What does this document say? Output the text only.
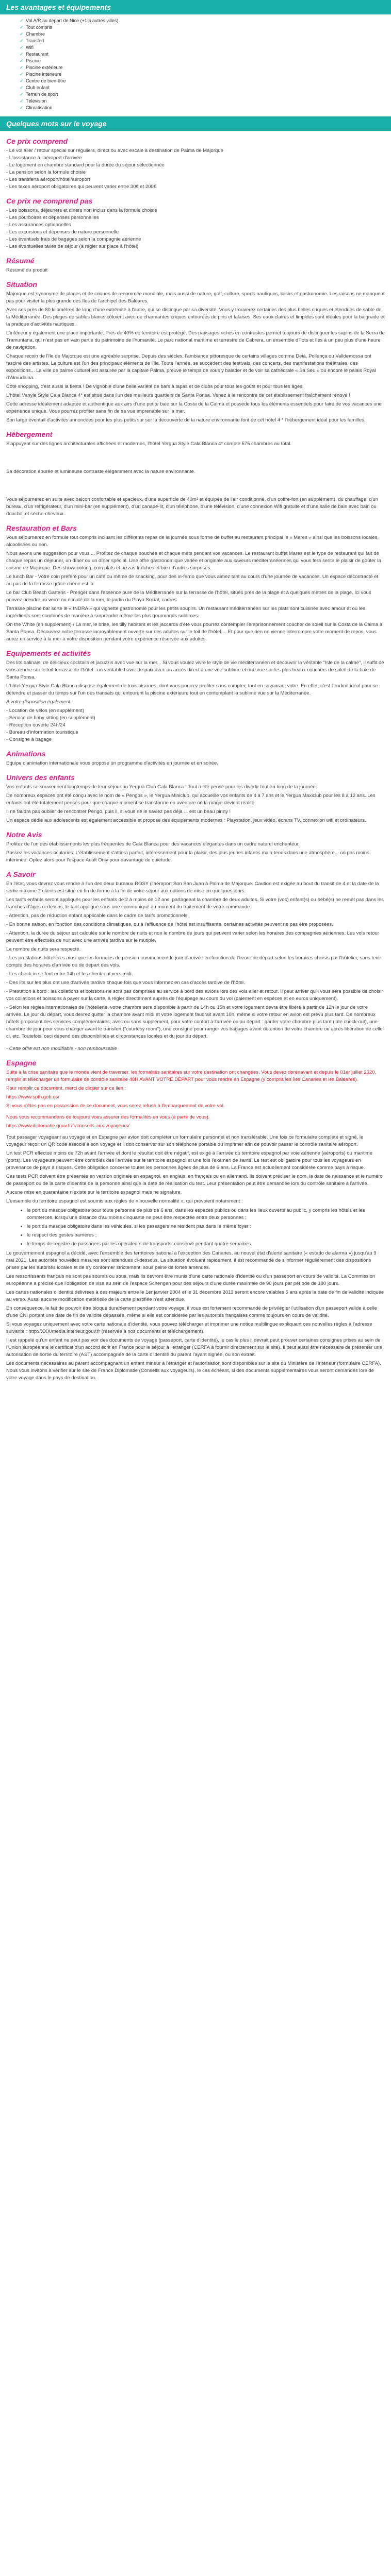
Les avantages et équipements
✓ Vol A/R au départ de Nice (+1,6 autres villes)
✓ Tout compris
✓ Chambre
✓ Transfert
✓ Wifi
✓ Restaurant
✓ Piscine
✓ Piscine extérieure
✓ Piscine intérieure
✓ Centre de bien-être
✓ Club enfant
✓ Terrain de sport
✓ Télévision
✓ Climatisation
Quelques mots sur le voyage
Ce prix comprend
- Le vol aller / retour spécial sur réguliers, direct ou avec escale à destination de Palma de Majorque
- L'assistance à l'aéroport d'arrivée
- Le logement en chambre standard pour la durée du séjour sélectionnée
- La pension selon la formule choisie
- Les transferts aéroport/hôtel/aéroport
- Les taxes aéroport obligatoires qui peuvent varier entre 30€ et 200€
Ce prix ne comprend pas
- Les boissons, déjeuners et diners non inclus dans la formule choisie
- Les pourboires et dépenses personnelles
- Les assurances optionnelles
- Les excursions et dépenses de nature personnelle
- Les éventuels frais de bagages selon la compagnie aérienne
- Les éventuelles taxes de séjour (à régler sur place à l'hôtel)
Résumé

Résumé du produit

Situation

Majorque est synonyme de plages et de criques de renommée mondiale, mais aussi de nature, golf, culture, sports nautiques, loisirs et gastronomie. Les raisons ne manquent pas pour visiter la plus grande des îles de l'archipel des Baléares.

Avec ses près de 80 kilomètres de long d'une extrémité à l'autre, qui se distingue par sa diversité. Vous y trouverez certaines des plus belles criques et étendues de sable de la Méditerranée. Des plages de sables blancs côtoient avec de charmantes criques entourées de pins et falaises. Ses eaux claires et limpides sont idéales pour la baignade et la pratique d'activités nautiques.

L'intérieur y également une place importante. Près de 40% de territoire est protégé. Des paysages riches en contrastes permet toujours de distinguer les sapins de la Serra de Tramuntana, qui n'est pas en vain partie du patrimoine de l'humanité. Le parc national maritime et terrestre de Cabrera, un ensemble d'îlots et îles à un peu plus d'une heure de navigation.

Chaque recoin de l'île de Majorque est une agréable surprise. Depuis des siècles, l'ambiance pittoresque de certains villages comme Deià, Pollença ou Valldemossa ont fasciné des artistes. La culture est l'un des principaux éléments de l'île. Toute l'année, se succèdent des festivals, des concerts, des manifestations théâtrales, des expositions... La ville de palme culturel est assurée par la capitale Palma, preuve le temps de vous y balader et de voir sa cathédrale « Sa Seu » ou encore le palais Royal d'Almudaina.

Côté shopping, c'est aussi la fiesta ! De vignoble d'une belle variété de bars à tapas et de clubs pour tous les goûts et pour tous les âges.

L'hôtel Vanyle Style Cala Blanca 4* est situé dans l'un des meilleurs quartiers de Santa Ponsa. Venez à la rencontre de cet établissement fraîchement rénové !

Cette adresse idéalement adaptée et authentique aux airs d'une petite baie sur la Costa de la Calma et possède tous les éléments essentiels pour faire de vos vacances une expérience unique. Vous pourrez profiter sans fin de sa vue imprenable sur la mer.

Son large éventail d'activités annoncées pour les plus petits sur sur la découverte de la nature environnante font de cet hôtel 4 * l'hébergement idéal pour les familles.

Hébergement

S'appuyant sur des lignes architecturales affichées et modernes, l'hôtel Yergua Style Cala Blanca 4* compte 575 chambres au total.

Sa décoration épurée et lumineuse contraste élégamment avec la nature environnante.

Vous séjournerez en suite avec balcon confortable et spacieux, d'une superficie de 40m² et équipée de l'air conditionné, d'un coffre-fort (en supplément), du chauffage, d'un bureau, d'un réfrigérateur, d'un mini-bar (en supplément), d'un canapé-lit, d'un téléphone, d'une télévision, d'une connexion Wifi gratuite et d'une salle de bain avec bain ou douche, et sèche-cheveux.

Restauration et Bars

Vous séjournerez en formule tout compris incluant les différents repas de la journée sous forme de buffet au restaurant principal le « Mares » ainsi que les boissons locales, alcoolisées ou non.

Nous avons une suggestion pour vous ... Profitez de chaque bouchée et chaque mets pendant vos vacances. Le restaurant buffet Mares est le type de restaurant qui fait de chaque repas un déjeuner, un dîner ou un dîner spécial. Une offre gastronomique variée et originale aux saveurs méditerranéennes qui vous fera sentir le plaisir de goûter la cuisine de Majorque. Des showcooking, coin plats et pizzas fraîches et bien d'autres surprises.

Le lunch Bar - Votre coin préféré pour un café ou même de snacking, pour des in-ferno que vous aimez tant au cours d'une journée de vacances. Un espace décontracté et au pas de la terrasse grâce chêne est là.

Le bar Club Beach Gartens - Prenger dans l'essence pure de la Méditerranée sur la terrasse de l'hôtel, situés près de la plage et à quelques mètres de la plage. Ici vous pouvez prendre un verre ou écouté de la mer, le jardin du Playa Social, cadres.

Terrasse piscine bar sorte le « INDRA » qui vignette gastronomie pour les petits soupirs. Un restaurant méditerranéen sur les plats sont cuisinés avec amour et où les ingrédients sont combinés de manière à surprendre même les plus gourmands sublimes.

On the White (en supplément) / La mer, le brise, les tilly habitent et les jaccards d'été vous pourrez contempler l'emprisonnement coucher de soleil sur la Costa de la Calma à Santa Ponsa. Découvrez notre terrasse incroyablement ouverte sur des adultes sur le toit de l'hôtel ... Et pour que rien ne vienne interrompre votre moment de repos, vous aurez un service à la mer à votre disposition pendant votre expérience réservée aux adultes.

Equipements et activités

Des lits balinais, de délicieux cocktails et jacuzzis avec vue sur la mer... Si vous voulez vivre le style de vie méditerranéen et découvrir la véritable "Isle de la calme", il suffit de vous rendre sur le toit terrasse de l'hôtel : un véritable havre de paix avec un accès direct à une vue sublime et une vue sur les plus beaux couchers de soleil de la baie de Santa Ponsa.

L'hôtel Yergua Style Cala Blanca dispose également de trois piscines, dont vous pourrez profiter sans compter, tout en savourant votre. En effet, c'est l'endroit idéal pour se détendre et passer du temps sur l'un des transats qui entourent la piscine extérieure tout en contemplant la sublime vue sur la Méditerranée.

A votre disposition également :

- Location de vélos (en supplément)
- Service de baby sitting (en supplément)
- Réception ouverte 24h/24
- Bureau d'information touristique
- Consigne à bagage
Animations

Equipe d'animation internationale vous propose un programme d'activités en journée et en soirée.

Univers des enfants

Vos enfants se souviennent longtemps de leur séjour au Yergua Club Cala Blanca ! Tout a été pensé pour les divertir tout au long de la journée.

De nombreux espaces ont été conçu avec le nom de « Pengos », le Yergua Miniclub, qui accueille vos enfants de 4 à 7 ans et le Yergua Maxiclub pour les 8 à 12 ans. Les enfants ont été totalement pensés pour que chaque moment se transforme en aventure où la magie devient réalité.

Il ne faudra pas oublier de rencontrer Pengo, puis il, si vous ne le saviez pas déjà ... est un beau pinny !

Un espace dédié aux adolescents est également accessible et propose des équipements modernes : Playstation, jeux vidéo, écrans TV, connexion wifi et ordinateurs.

Notre Avis

Profitez de l'un des établissements les plus fréquentés de Cala Blanca pour des vacances élégantes dans un cadre naturel enchanteur.

Passez les vacances ocularies. L'établissement s'attiera parfait, intéressement pour la plaisir, des plus jeunes infantis main-tenus dans une atmosphère... où pas moins intérimée. Optez alors pour l'espace Adult Only pour davantage de quiétude.

A Savoir

En l'état, vous devrez vous rendre à l'un des deux bureaux ROSY (l'aéroport Son San Juan à Palma de Majorque. Caution est exigée au bout du transit de 4 et la date de la sortie maxime 2 clients est situé en fin de forme à la fin de votre séjour aux options de mise en quelques jours.

Les tarifs enfants seront appliqués pour les enfants de 2 à moins de 12 ans, partageant la chambre de deux adultes. Si votre (vos) enfant(s) ou bébé(s) ne remet pas dans les tranches d'âges ci-dessus, le tarif appliqué sous une communiqué au moment du traitement de votre commande.

- Attention, pas de réduction enfant applicable dans le cadre de tarifs promotionnels.

- En bonne saison, en fonction des conditions climatiques, ou à l'affluence de l'hôtel est insuffisante, certaines activités peuvent ne pas être proposées.

- Attention, la durée du séjour est calculée sur le nombre de nuits et non le nombre de jours qui peuvent varier selon les horaires des compagnies aériennes. Les vols retour peuvent être effectués de nuit avec une arrivée tardive sur le mutiple.

La nombre de nuits sera respecté.

- Les prestations hôtelières ainsi que les formules de pension commencent le jour d'arrivée en fonction de l'heure de départ selon les horaires choisis par l'hôtelier, sans tenir compte des horaires d'arrivée ou de départ des vols.

- Les check-in se font entre 14h et les check-out vers midi.

- Des lits sur les plus ont une d'arrivée tardive chaque fois que vous informez en cas d'accès tardive de l'hôtel.

- Prestation à bord : les collations et boissons ne sont pas comprises au service à bord des avions lors des vols aller et retour. Il peut arriver qu'il vous sera possible de choisir vos collations et boissons à payer sur la carte, à régler directement auprès de l'équipage au cours du vol (paiement en espèces et en euros uniquement).

- Selon les règles internationales de l'hôtellerie, votre chambre sera disponible à partir de 14h ou 15h et votre logement devra être libéré à partir de 12h le jour de votre arrivée. Le jour du départ, vous devrez quitter la chambre avant midi et votre logement faudrait avant 10h, même si votre retour en avion est prévu plus tard. De nombreux hôtels proposent des services complémentaires, avec ou sans supplément, pour votre confort à l'arrivée ou au départ : garder votre chambre plus tard (late check-out), une chambre de jour pour vous changer avant le transfert ("courtesy room"), une consigne pour ranger vos bagages avant détention de votre chambre ou après libération de celle-ci, etc. Toutefois, ceci dépend des disponibilités et circonstances locales et du jour du départ.

- Cette offre est non modifiable - non remboursable

Espagne

Suite à la crise sanitaire que le monde vient de traverser, les formalités sanitaires sur votre destination ont changées. Vous devez dorénavant et depuis le 01er juillet 2020, remplir et télécharger un formulaire de contrôle sanitaire 48H AVANT VOTRE DÉPART pour vous rendre en Espagne (y compris les îles Canaries et les Baléares).

Pour remplir ce document, merci de cliquer sur ce lien :

https://www.spth.gob.es/

Si vous n'êtes pas en possession de ce document, vous serez refusé à l'embarquement de votre vol.

Nous vous recommandons de toujours vous assurer des formalités en vous (à partir de vous).

https://www.diplomatie.gouv.fr/fr/conseils-aux-voyageurs/

Tout passager voyageant au voyage et en Espagne par avion doit compléter un formulaire personnel et non transférable. Une fois ce formulaire complété et signé, le voyageur reçoit un QR code associé à son voyage et il doit conserver sur son téléphone portable ou imprimer afin de pouvoir passer le contrôle sanitaire aéroport.

Un test PCR effectué moins de 72h avant l'arrivée et dont le résultat doit être négatif, est exigé à l'arrivée du territoire espagnol par voie aérienne (aéroports) ou maritime (ports). Les voyageurs peuvent être contrôlés dès l'arrivée sur le territoire espagnol et une fois l'examen de santé. Le test est obligatoire pour tous les voyageurs en provenance de pays à risques. Cette obligation concerne toutes les personnes âgées de plus de 6 ans. La France est actuellement considérée comme pays à risque.

Ces tests PCR doivent être présentés en version originale en espagnol, en anglais, en français ou en allemand. Ils doivent préciser le nom, la date de naissance et le numéro de passeport ou de la carte d'identité de la personne ainsi que la date de réalisation du test. Leur présentation peut être demandée lors du contrôle sanitaire à l'arrivée.

Aucune mise en quarantaine n'existe sur le territoire espagnol mais ne signature.

L'ensemble du territoire espagnol est soumis aux règles de « nouvelle normalité », qui prévoient notamment :

• le port du masque obligatoire pour toute personne de plus de 6 ans, dans les espaces publics ou dans les lieux ouverts au public, y compris les hôtels et les commerces, lorsqu'une distance d'au moins cinquante ne peut être respectée entre deux personnes ;
• le port du masque obligatoire dans les véhicules, si les passagers ne résident pas dans le même foyer ;
• le respect des gestes barrières ;
• le temps de registre de passagers par les opérateurs de transports, conservé pendant quatre semaines.

Le gouvernement espagnol a décidé, avec l'ensemble des territoires national à l'exception des Canaries, au nouvel état d'alerte sanitaire (« estado de alarma ») jusqu'au 9 mai 2021. Les autorités nouvelles mesures sont attendues ci-dessous. La situation évoluant rapidement, il est recommandé de s'informer régulièrement des dispositions prises par les autorités locales et de s'y conformer strictement, sous peine de fortes amendes.

Les ressortissants français ne sont pas soumis ou sous, mais ils devront être munis d'une carte nationale d'identité ou d'un passeport en cours de validité. La Commission européenne a précisé que l'obligation de visa au sein de l'espace Schengen pour des séjours d'une durée maximale de 90 jours par période de 180 jours.

Les cartes nationales d'identité délivrées à des majeurs entre le 1er janvier 2004 et le 31 décembre 2013 seront encore valables 5 ans après la date de fin de validité indiquée au verso. Aussi aucune modification matérielle de la carte plastifiée n'est attendue.

En conséquence, le fait de pouvoir être bloqué durablement pendant votre voyage, il vous est fortement recommandé de privilégier l'utilisation d'un passeport valide à celle d'une CNI portant une date de fin de validité dépassée, même si elle est considérée par les autorités françaises comme toujours en cours de validité.

Si vous voyagez uniquement avec votre carte nationale d'identité, vous pouvez télécharger et imprimer une notice multilingue expliquant ces nouvelles règles à l'adresse suivante : http://XXX/media.interieur.gouv.fr (réservée à nos documents et téléchargement).

Il est rappelé qu'un enfant ne peut pas voir des documents de voyage (passeport, carte d'identité), le cas le plus il devrait peut prouver certaines consignes prises au sein de l'Union européenne le certificat d'un accord écrit en France pour le séjour à l'étranger (CERFA à fournir directement sur le site). Il peut aussi être nécessaire de présenter une autorisation de sortie du territoire (AST) accompagnée de la carte d'identité du parent l'ayant signée, ou son extrait.

Les documents nécessaires au parent accompagnant un enfant mineur à l'étranger et l'autorisation sont disponibles sur le site du Ministère de l'Intérieur (formulaire CERFA). Nous vous invitons à vérifier sur le site de France Diplomatie (Conseils aux voyageurs), le cas échéant, si des documents supplémentaires vous seront demandés lors de votre voyage dans le pays de destination.
